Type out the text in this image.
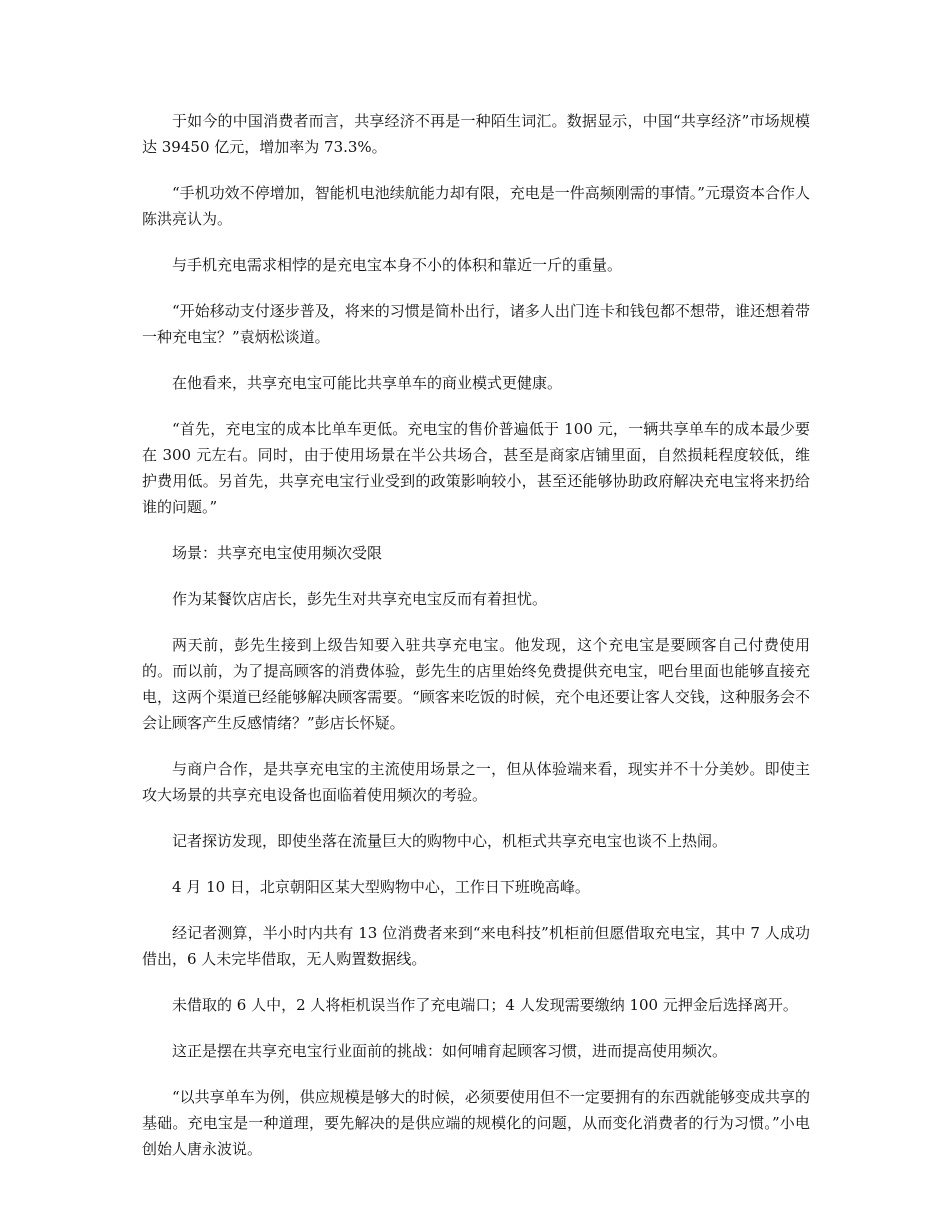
于如今的中国消费者而言，共享经济不再是一种陌生词汇。数据显示，中国“共享经济”市场规模达 39450 亿元，增加率为 73.3%。

“手机功效不停增加，智能机电池续航能力却有限，充电是一件高频刚需的事情。”元璟资本合作人陈洪亮认为。

与手机充电需求相悖的是充电宝本身不小的体积和靠近一斤的重量。

“开始移动支付逐步普及，将来的习惯是简朴出行，诸多人出门连卡和钱包都不想带，谁还想着带一种充电宝？”袁炳松谈道。

在他看来，共享充电宝可能比共享单车的商业模式更健康。

“首先，充电宝的成本比单车更低。充电宝的售价普遍低于 100 元，一辆共享单车的成本最少要在 300 元左右。同时，由于使用场景在半公共场合，甚至是商家店铺里面，自然损耗程度较低，维护费用低。另首先，共享充电宝行业受到的政策影响较小，甚至还能够协助政府解决充电宝将来扔给谁的问题。”

场景：共享充电宝使用频次受限

作为某餐饮店店长，彭先生对共享充电宝反而有着担忧。

两天前，彭先生接到上级告知要入驻共享充电宝。他发现，这个充电宝是要顾客自己付费使用的。而以前，为了提高顾客的消费体验，彭先生的店里始终免费提供充电宝，吧台里面也能够直接充电，这两个渠道已经能够解决顾客需要。“顾客来吃饭的时候，充个电还要让客人交钱，这种服务会不会让顾客产生反感情绪？”彭店长怀疑。

与商户合作，是共享充电宝的主流使用场景之一，但从体验端来看，现实并不十分美妙。即使主攻大场景的共享充电设备也面临着使用频次的考验。

记者探访发现，即使坐落在流量巨大的购物中心，机柜式共享充电宝也谈不上热闹。

4 月 10 日，北京朝阳区某大型购物中心，工作日下班晚高峰。

经记者测算，半小时内共有 13 位消费者来到“来电科技”机柜前但愿借取充电宝，其中 7 人成功借出，6 人未完毕借取，无人购置数据线。

未借取的 6 人中，2 人将柜机误当作了充电端口；4 人发现需要缴纳 100 元押金后选择离开。

这正是摆在共享充电宝行业面前的挑战：如何哺育起顾客习惯，进而提高使用频次。

“以共享单车为例，供应规模是够大的时候，必须要使用但不一定要拥有的东西就能够变成共享的基础。充电宝是一种道理，要先解决的是供应端的规模化的问题，从而变化消费者的行为习惯。”小电创始人唐永波说。
